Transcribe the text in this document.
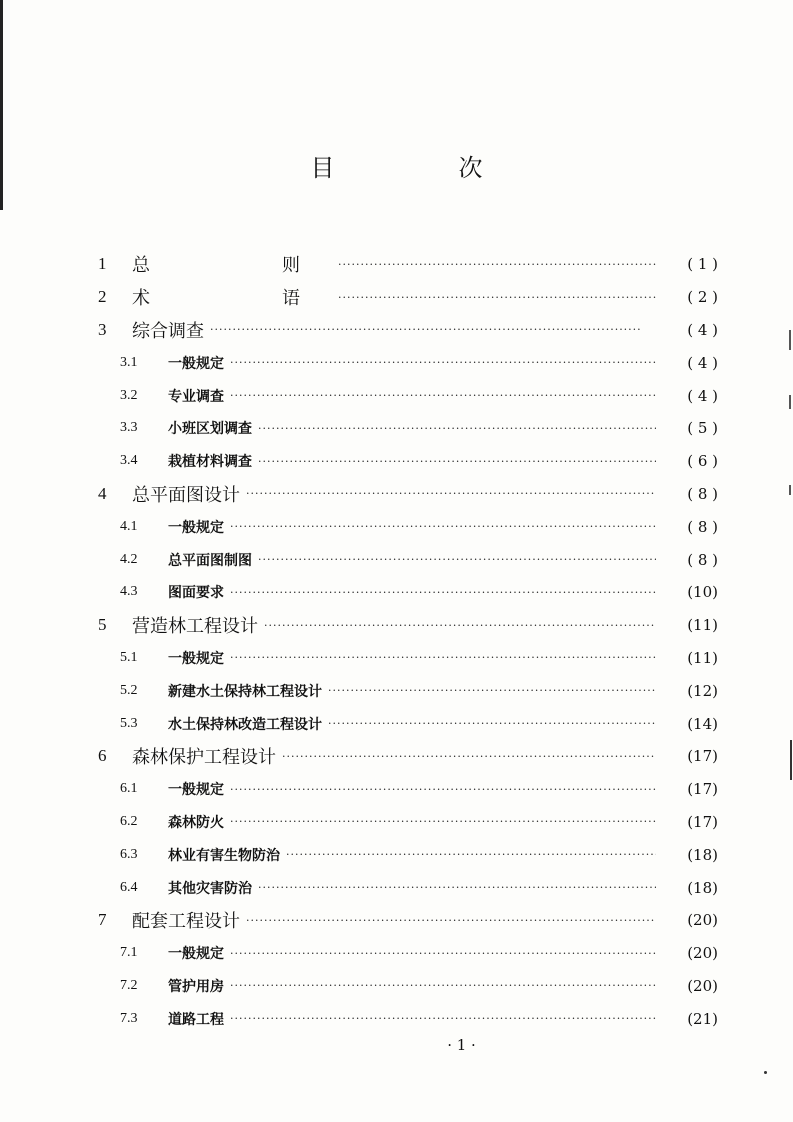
目　次
1	总　　则 ·····	( 1 )
2	术　　语 ·····	( 2 )
3	综合调查 ·····	( 4 )
3.1	一般规定 ·····	( 4 )
3.2	专业调查 ·····	( 4 )
3.3	小班区划调查 ·····	( 5 )
3.4	栽植材料调查 ·····	( 6 )
4	总平面图设计 ·····	( 8 )
4.1	一般规定 ·····	( 8 )
4.2	总平面图制图 ·····	( 8 )
4.3	图面要求 ·····	(10)
5	营造林工程设计 ·····	(11)
5.1	一般规定 ·····	(11)
5.2	新建水土保持林工程设计 ·····	(12)
5.3	水土保持林改造工程设计 ·····	(14)
6	森林保护工程设计 ·····	(17)
6.1	一般规定 ·····	(17)
6.2	森林防火 ·····	(17)
6.3	林业有害生物防治 ·····	(18)
6.4	其他灾害防治 ·····	(18)
7	配套工程设计 ·····	(20)
7.1	一般规定 ·····	(20)
7.2	管护用房 ·····	(20)
7.3	道路工程 ·····	(21)
· 1 ·
